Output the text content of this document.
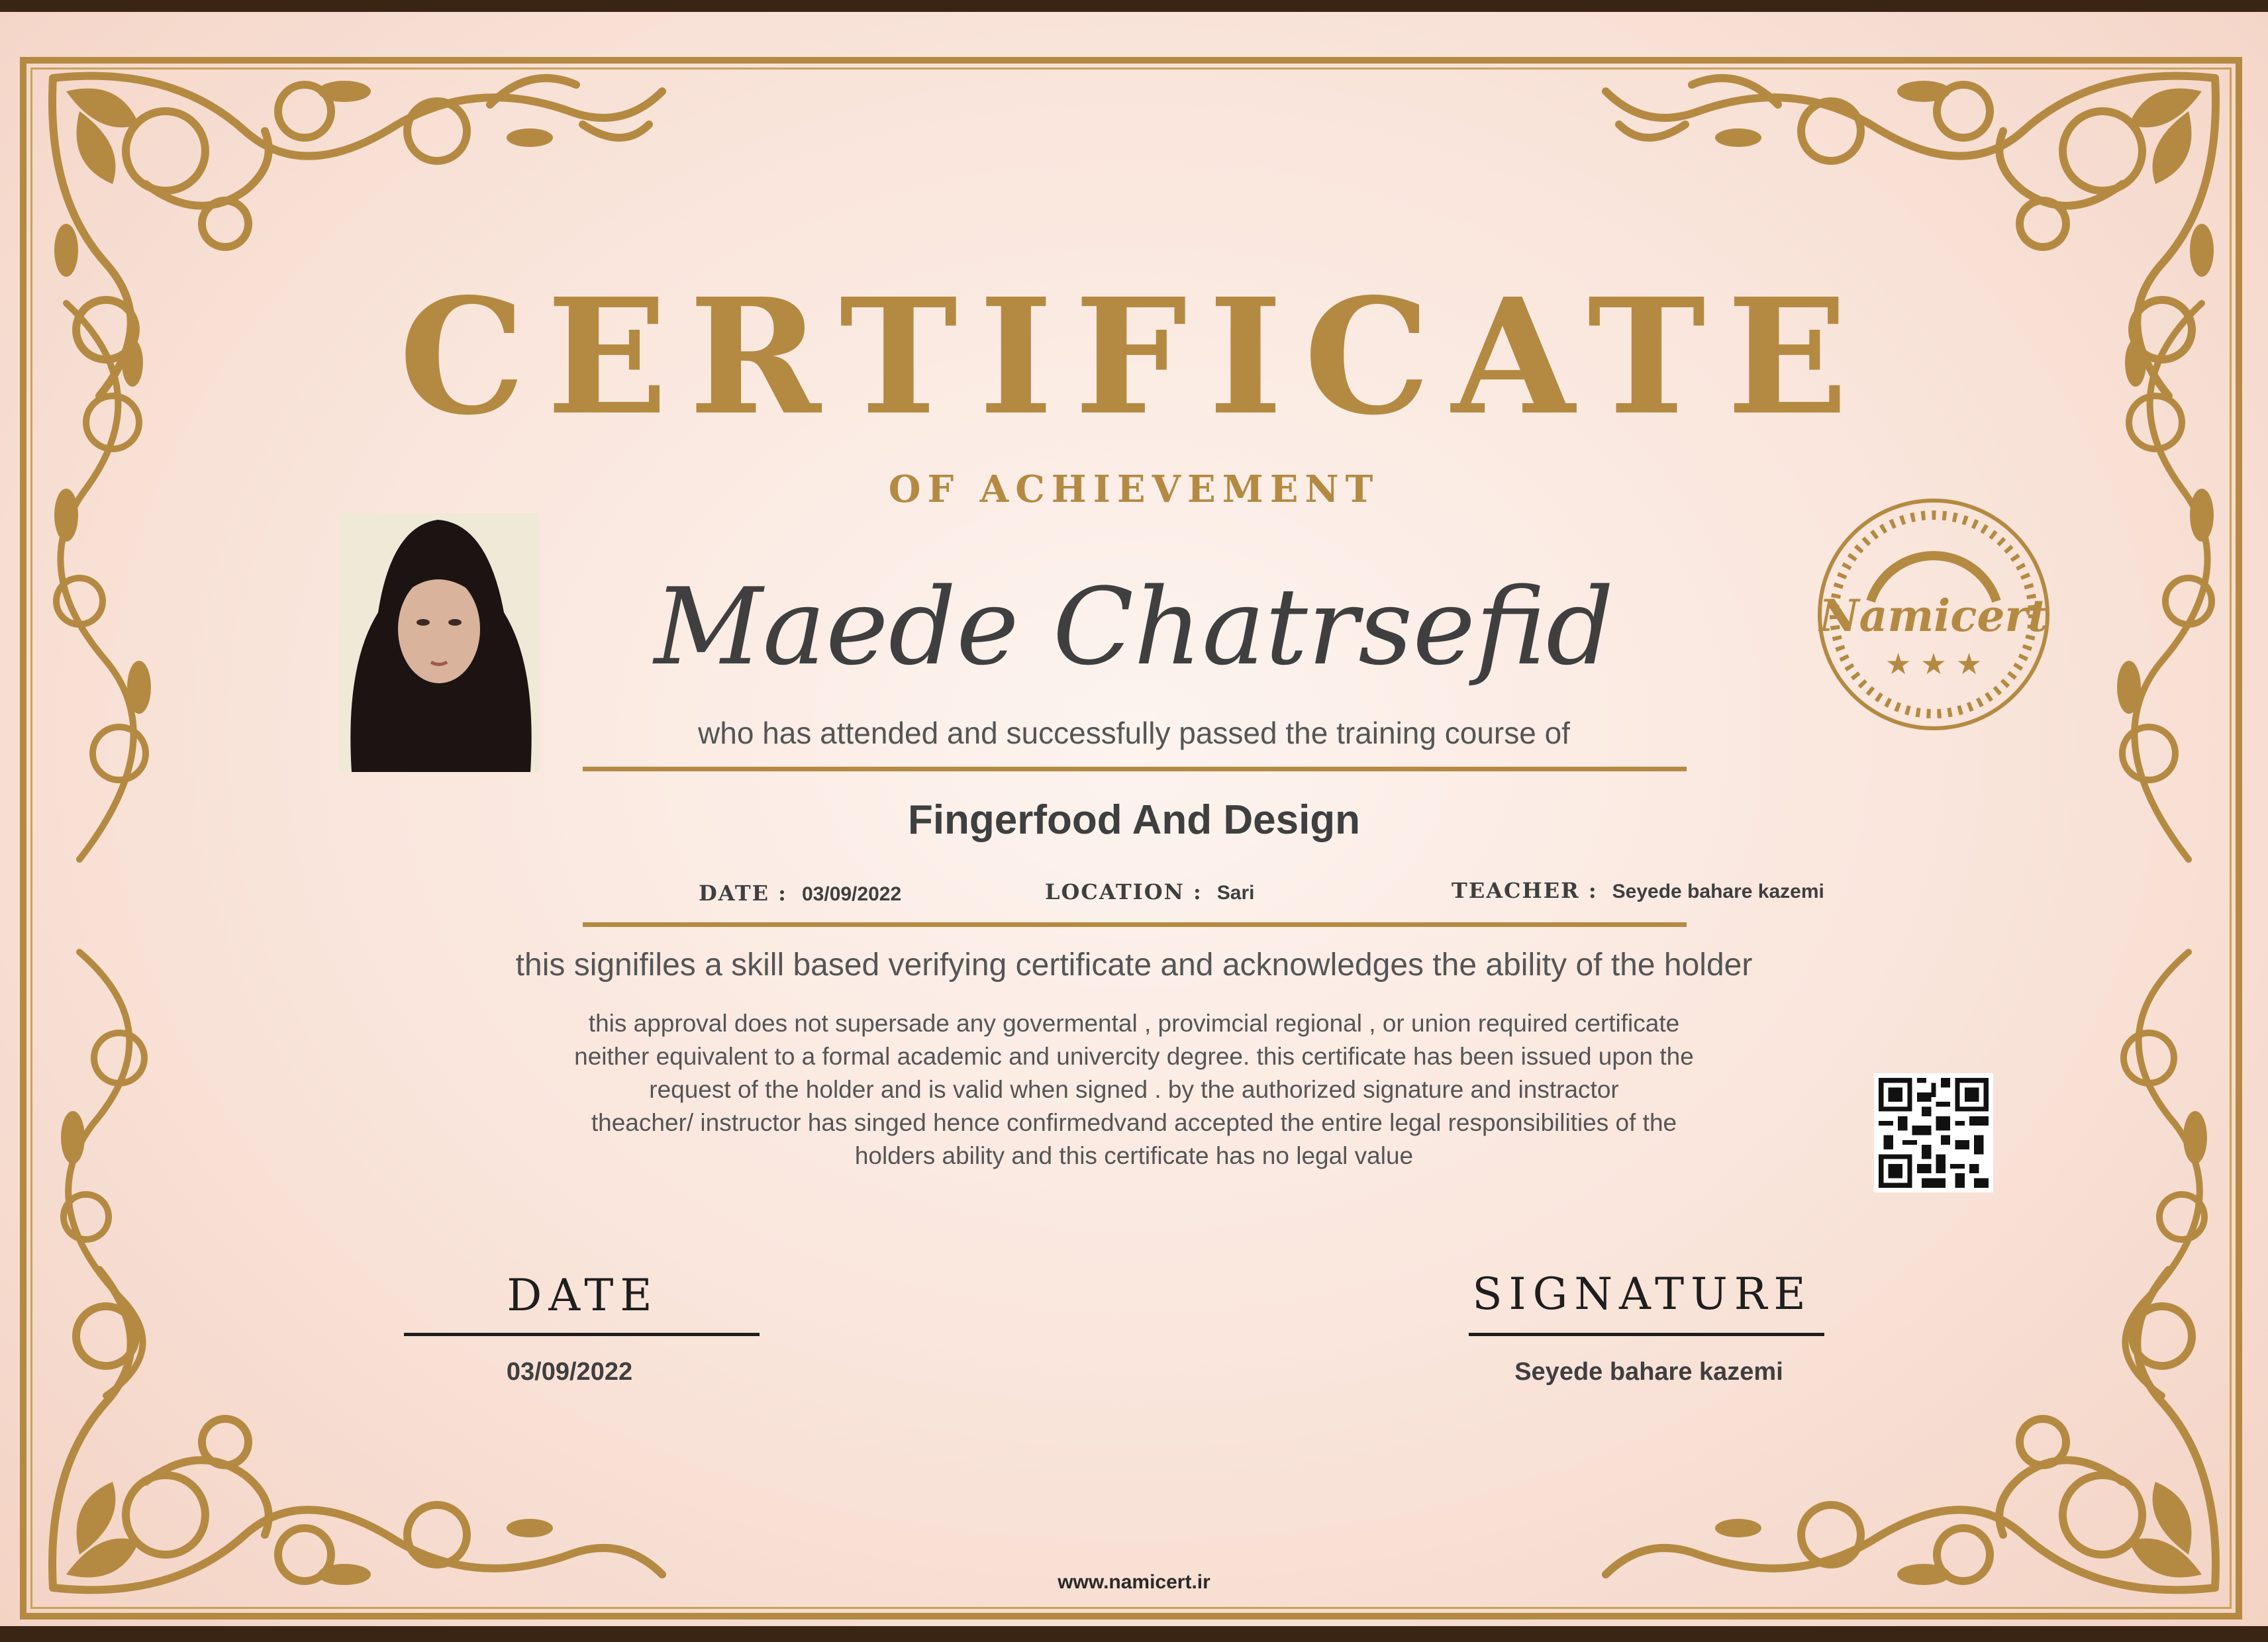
CERTIFICATE
OF ACHIEVEMENT
Namicert
★ ★ ★
Maede Chatrsefid
who has attended and successfully passed the training course of
Fingerfood And Design
DATE : 03/09/2022	LOCATION : Sari	TEACHER : Seyede bahare kazemi
this signifiles a skill based verifying certificate and acknowledges the ability of the holder
this approval does not supersade any govermental , provimcial regional , or union required certificate
neither equivalent to a formal academic and univercity degree. this certificate has been issued upon the
request of the holder and is valid when signed . by the authorized signature and instractor
theacher/ instructor has singed hence confirmedvand accepted the entire legal responsibilities of the
holders ability and this certificate has no legal value
DATE
03/09/2022
SIGNATURE
Seyede bahare kazemi
www.namicert.ir
